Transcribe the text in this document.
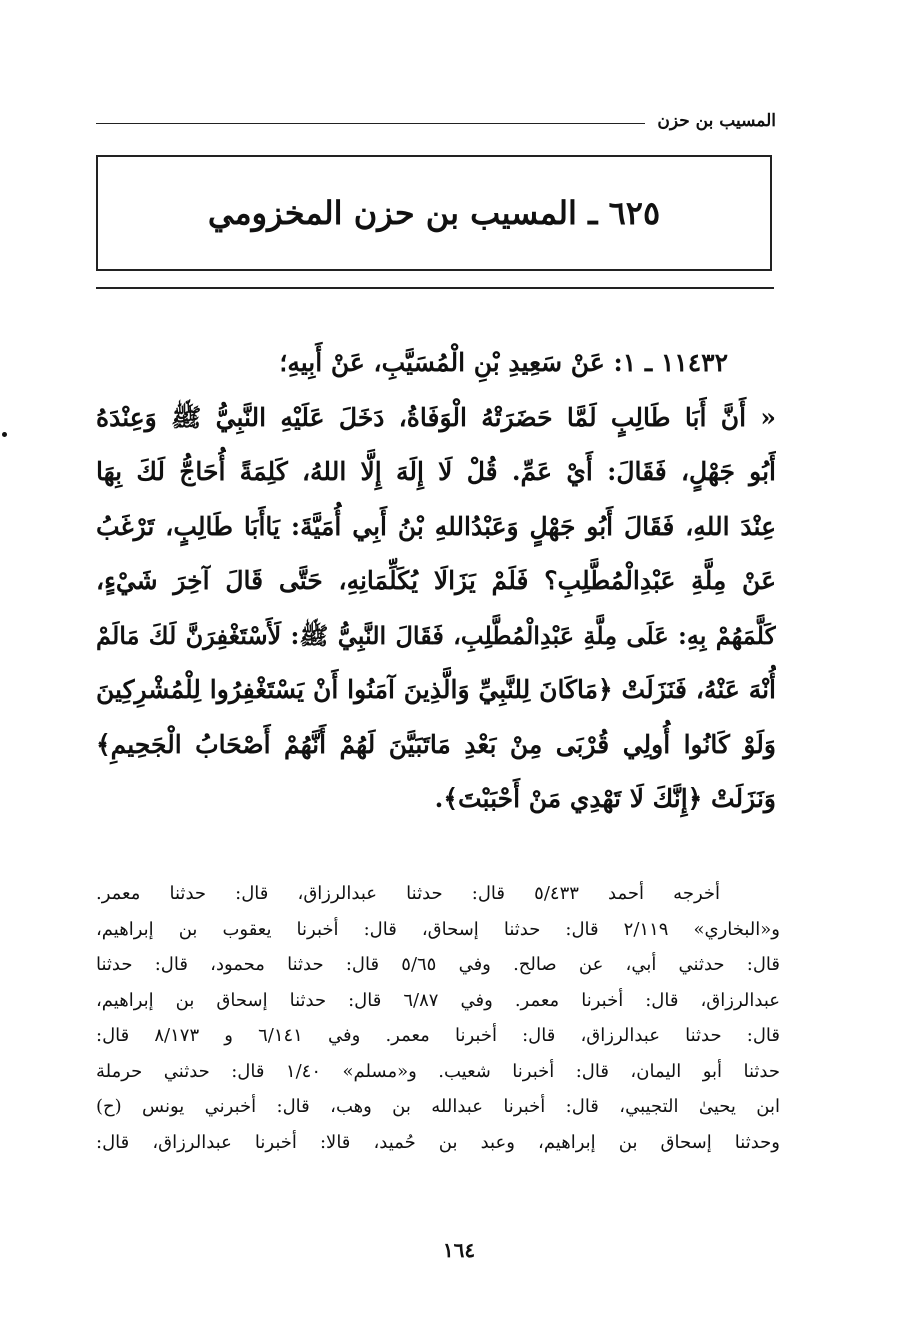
المسيب بن حزن
٦٢٥ ـ المسيب بن حزن المخزومي
١١٤٣٢ ـ ١: عَنْ سَعِيدِ بْنِ الْمُسَيَّبِ، عَنْ أَبِيهِ؛
« أَنَّ أَبَا طَالِبٍ لَمَّا حَضَرَتْهُ الْوَفَاةُ، دَخَلَ عَلَيْهِ النَّبِيُّ ﷺ وَعِنْدَهُ
أَبُو جَهْلٍ، فَقَالَ: أَيْ عَمِّ. قُلْ لَا إِلَهَ إِلَّا اللهُ، كَلِمَةً أُحَاجُّ لَكَ بِهَا
عِنْدَ اللهِ، فَقَالَ أَبُو جَهْلٍ وَعَبْدُاللهِ بْنُ أَبِي أُمَيَّةَ: يَاأَبَا طَالِبٍ، تَرْغَبُ
عَنْ مِلَّةِ عَبْدِالْمُطَّلِبِ؟ فَلَمْ يَزَالَا يُكَلِّمَانِهِ، حَتَّى قَالَ آخِرَ شَيْءٍ،
كَلَّمَهُمْ بِهِ: عَلَى مِلَّةِ عَبْدِالْمُطَّلِبِ، فَقَالَ النَّبِيُّ ﷺ: لَأَسْتَغْفِرَنَّ لَكَ مَالَمْ
أُنْهَ عَنْهُ، فَنَزَلَتْ ﴿مَاكَانَ لِلنَّبِيِّ وَالَّذِينَ آمَنُوا أَنْ يَسْتَغْفِرُوا لِلْمُشْرِكِينَ
وَلَوْ كَانُوا أُولِي قُرْبَى مِنْ بَعْدِ مَاتَبَيَّنَ لَهُمْ أَنَّهُمْ أَصْحَابُ الْجَحِيمِ﴾
وَنَزَلَتْ ﴿إِنَّكَ لَا تَهْدِي مَنْ أَحْبَبْتَ﴾.
أخرجه أحمد ٥/٤٣٣ قال: حدثنا عبدالرزاق، قال: حدثنا معمر.
و«البخاري» ٢/١١٩ قال: حدثنا إسحاق، قال: أخبرنا يعقوب بن إبراهيم،
قال: حدثني أبي، عن صالح. وفي ٥/٦٥ قال: حدثنا محمود، قال: حدثنا
عبدالرزاق، قال: أخبرنا معمر. وفي ٦/٨٧ قال: حدثنا إسحاق بن إبراهيم،
قال: حدثنا عبدالرزاق، قال: أخبرنا معمر. وفي ٦/١٤١ و ٨/١٧٣ قال:
حدثنا أبو اليمان، قال: أخبرنا شعيب. و«مسلم» ١/٤٠ قال: حدثني حرملة
ابن يحيىٰ التجيبي، قال: أخبرنا عبدالله بن وهب، قال: أخبرني يونس (ح)
وحدثنا إسحاق بن إبراهيم، وعبد بن حُميد، قالا: أخبرنا عبدالرزاق، قال:
١٦٤
